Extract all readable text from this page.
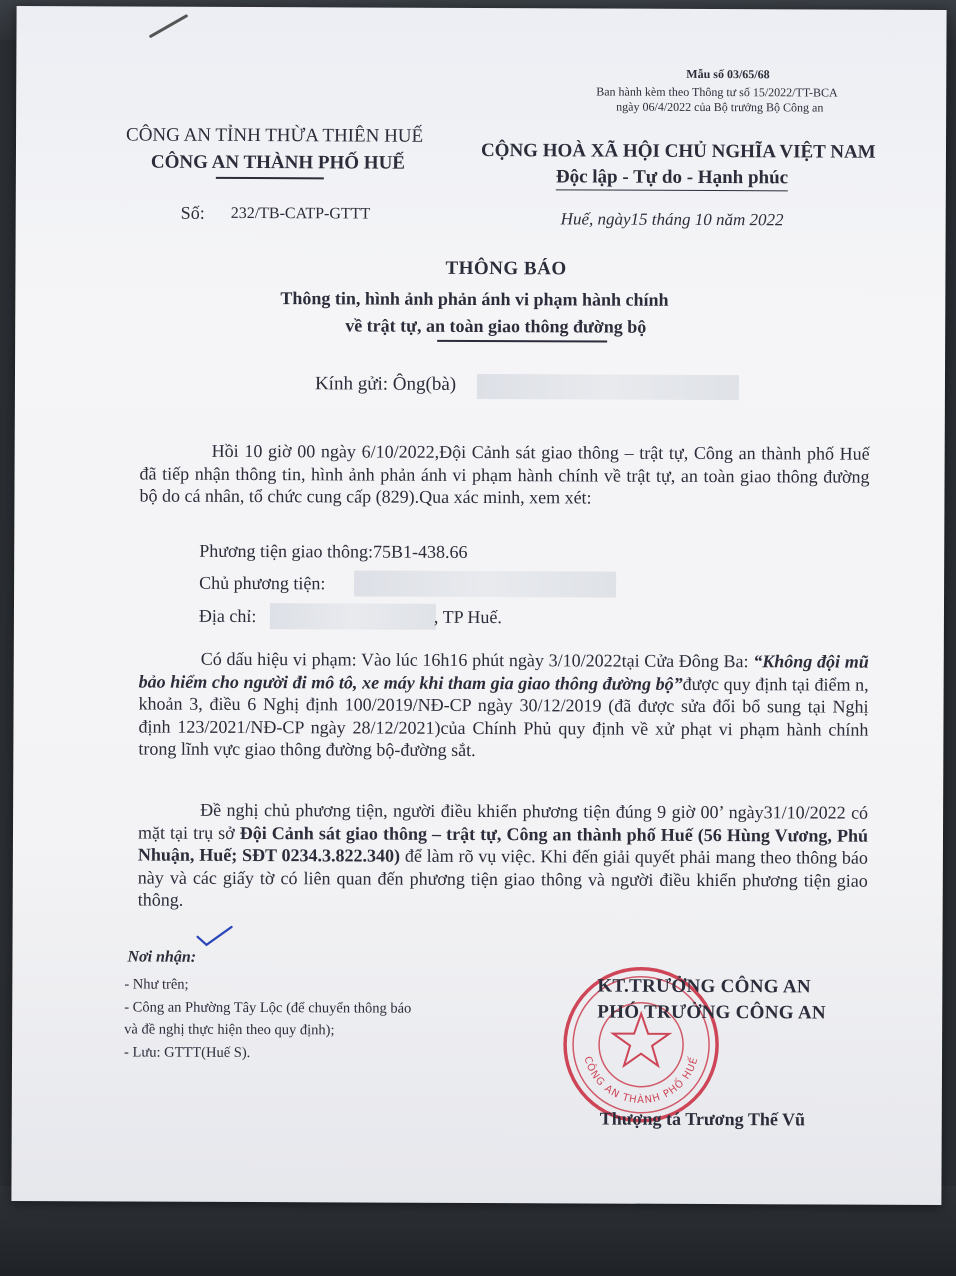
Mẫu số 03/65/68
Ban hành kèm theo Thông tư số 15/2022/TT-BCA
ngày 06/4/2022 của Bộ trưởng Bộ Công an
CÔNG AN TỈNH THỪA THIÊN HUẾ
CÔNG AN THÀNH PHỐ HUẾ	CỘNG HOÀ XÃ HỘI CHỦ NGHĨA VIỆT NAM
Độc lập - Tự do - Hạnh phúc
Số: 232/TB-CATP-GTTT	Huế, ngày15 tháng 10 năm 2022
THÔNG BÁO
Thông tin, hình ảnh phản ánh vi phạm hành chính
về trật tự, an toàn giao thông đường bộ
Kính gửi: Ông(bà)
Hồi 10 giờ 00 ngày 6/10/2022,Đội Cảnh sát giao thông – trật tự, Công an thành phố Huế đã tiếp nhận thông tin, hình ảnh phản ánh vi phạm hành chính về trật tự, an toàn giao thông đường bộ do cá nhân, tổ chức cung cấp (829).Qua xác minh, xem xét:
Phương tiện giao thông:75B1-438.66
Chủ phương tiện:
Địa chỉ:	, TP Huế.
Có dấu hiệu vi phạm: Vào lúc 16h16 phút ngày 3/10/2022tại Cửa Đông Ba: “Không đội mũ bảo hiểm cho người đi mô tô, xe máy khi tham gia giao thông đường bộ”được quy định tại điểm n, khoản 3, điều 6 Nghị định 100/2019/NĐ-CP ngày 30/12/2019 (đã được sửa đổi bổ sung tại Nghị định 123/2021/NĐ-CP ngày 28/12/2021)của Chính Phủ quy định về xử phạt vi phạm hành chính trong lĩnh vực giao thông đường bộ-đường sắt.
Đề nghị chủ phương tiện, người điều khiển phương tiện đúng 9 giờ 00’ ngày31/10/2022 có mặt tại trụ sở Đội Cảnh sát giao thông – trật tự, Công an thành phố Huế (56 Hùng Vương, Phú Nhuận, Huế; SĐT 0234.3.822.340) để làm rõ vụ việc. Khi đến giải quyết phải mang theo thông báo này và các giấy tờ có liên quan đến phương tiện giao thông và người điều khiển phương tiện giao thông.
Nơi nhận:
- Như trên;
- Công an Phường Tây Lộc (để chuyển thông báo
và đề nghị thực hiện theo quy định);
- Lưu: GTTT(Huế S).	CÔNG AN THÀNH PHỐ HUẾ
KT.TRƯỞNG CÔNG AN
PHÓ TRƯỞNG CÔNG AN
Thượng tá Trương Thế Vũ
